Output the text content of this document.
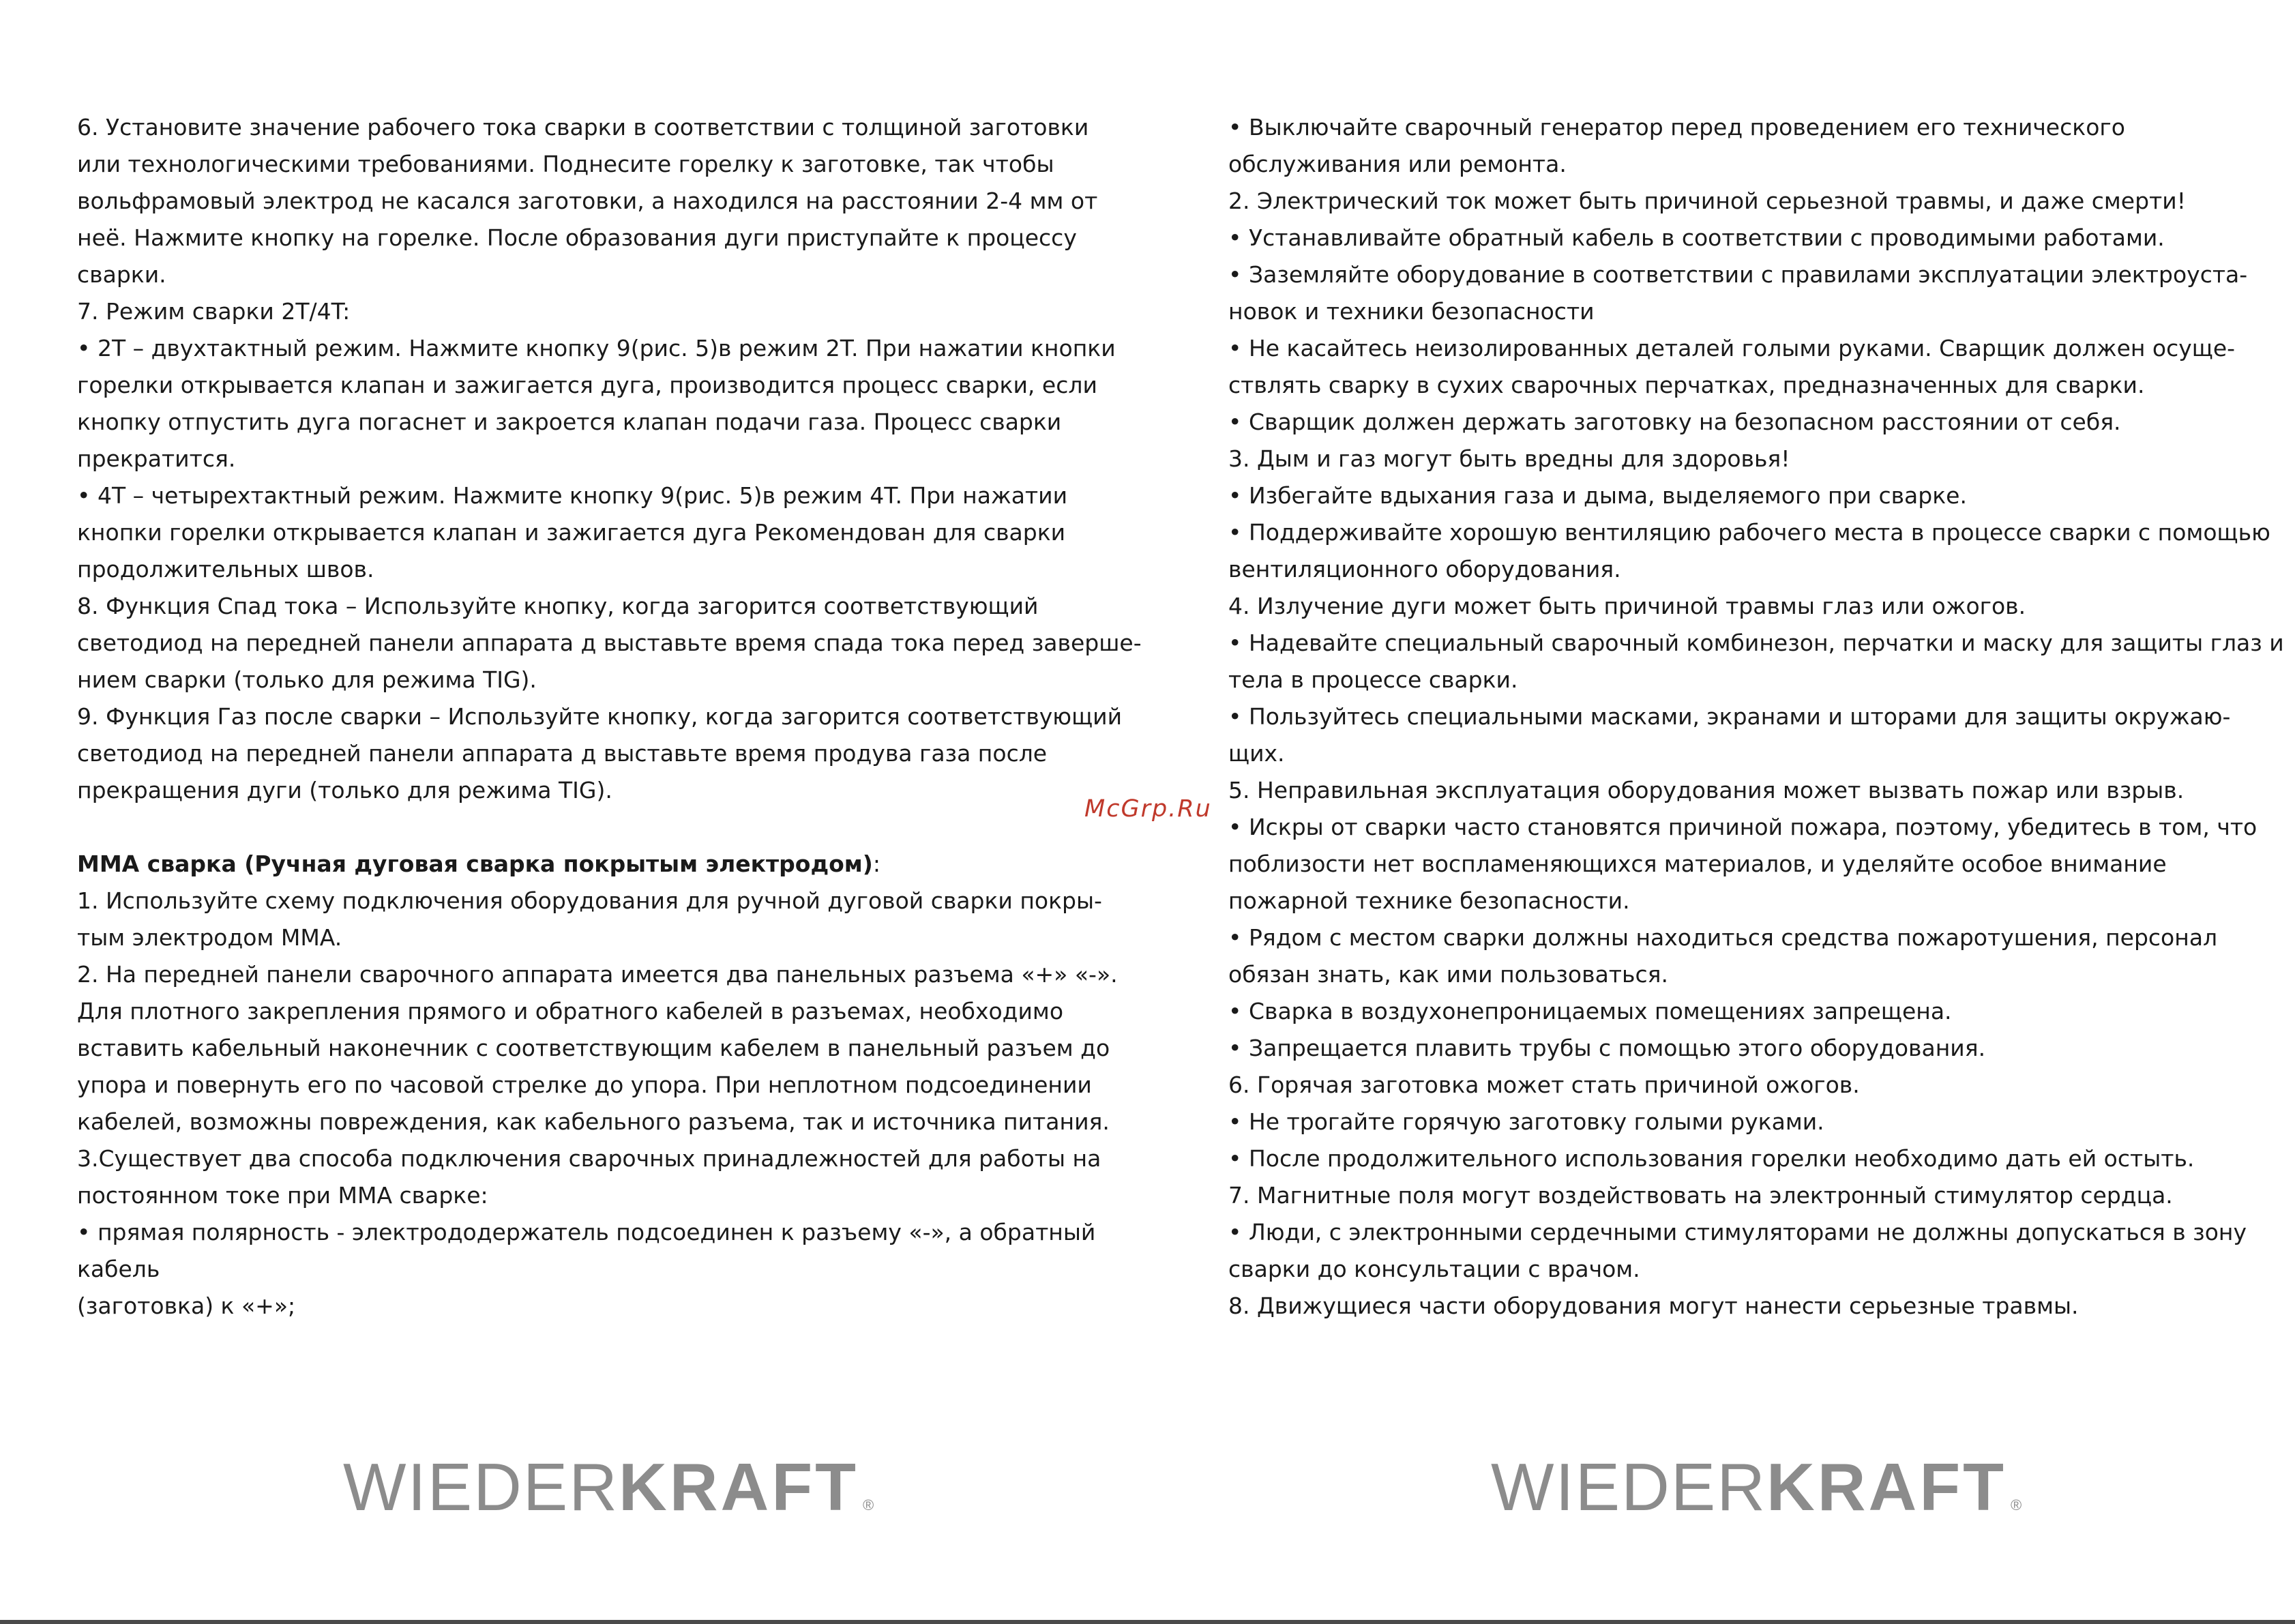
6. Установите значение рабочего тока сварки в соответствии с толщиной заготовки
или технологическими требованиями. Поднесите горелку к заготовке, так чтобы
вольфрамовый электрод не касался заготовки, а находился на расстоянии 2-4 мм от
неё. Нажмите кнопку на горелке. После образования дуги приступайте к процессу
сварки.
7. Режим сварки 2T/4T:
• 2T – двухтактный режим. Нажмите кнопку 9(рис. 5)в режим 2T. При нажатии кнопки
горелки открывается клапан и зажигается дуга, производится процесс сварки, если
кнопку отпустить дуга погаснет и закроется клапан подачи газа. Процесс сварки
прекратится.
• 4T – четырехтактный режим. Нажмите кнопку 9(рис. 5)в режим 4T. При нажатии
кнопки горелки открывается клапан и зажигается дуга Рекомендован для сварки
продолжительных швов.
8. Функция Спад тока – Используйте кнопку, когда загорится соответствующий
светодиод на передней панели аппарата д выставьте время спада тока перед заверше-
нием сварки (только для режима TIG).
9. Функция Газ после сварки – Используйте кнопку, когда загорится соответствующий
светодиод на передней панели аппарата д выставьте время продува газа после
прекращения дуги (только для режима TIG).
MMA сварка (Ручная дуговая сварка покрытым электродом):
1. Используйте схему подключения оборудования для ручной дуговой сварки покры-
тым электродом MMA.
2. На передней панели сварочного аппарата имеется два панельных разъема «+» «-».
Для плотного закрепления прямого и обратного кабелей в разъемах, необходимо
вставить кабельный наконечник с соответствующим кабелем в панельный разъем до
упора и повернуть его по часовой стрелке до упора. При неплотном подсоединении
кабелей, возможны повреждения, как кабельного разъема, так и источника питания.
3.Существует два способа подключения сварочных принадлежностей для работы на
постоянном токе при MMA сварке:
• прямая полярность - электрододержатель подсоединен к разъему «-», а обратный
кабель
(заготовка) к «+»;
• Выключайте сварочный генератор перед проведением его технического
обслуживания или ремонта.
2. Электрический ток может быть причиной серьезной травмы, и даже смерти!
• Устанавливайте обратный кабель в соответствии с проводимыми работами.
• Заземляйте оборудование в соответствии с правилами эксплуатации электроуста-
новок и техники безопасности
• Не касайтесь неизолированных деталей голыми руками. Сварщик должен осуще-
ствлять сварку в сухих сварочных перчатках, предназначенных для сварки.
• Сварщик должен держать заготовку на безопасном расстоянии от себя.
3. Дым и газ могут быть вредны для здоровья!
• Избегайте вдыхания газа и дыма, выделяемого при сварке.
• Поддерживайте хорошую вентиляцию рабочего места в процессе сварки с помощью
вентиляционного оборудования.
4. Излучение дуги может быть причиной травмы глаз или ожогов.
• Надевайте специальный сварочный комбинезон, перчатки и маску для защиты глаз и
тела в процессе сварки.
• Пользуйтесь специальными масками, экранами и шторами для защиты окружаю-
щих.
5. Неправильная эксплуатация оборудования может вызвать пожар или взрыв.
• Искры от сварки часто становятся причиной пожара, поэтому, убедитесь в том, что
поблизости нет воспламеняющихся материалов, и уделяйте особое внимание
пожарной технике безопасности.
• Рядом с местом сварки должны находиться средства пожаротушения, персонал
обязан знать, как ими пользоваться.
• Сварка в воздухонепроницаемых помещениях запрещена.
• Запрещается плавить трубы с помощью этого оборудования.
6. Горячая заготовка может стать причиной ожогов.
• Не трогайте горячую заготовку голыми руками.
• После продолжительного использования горелки необходимо дать ей остыть.
7. Магнитные поля могут воздействовать на электронный стимулятор сердца.
• Люди, с электронными сердечными стимуляторами не должны допускаться в зону
сварки до консультации с врачом.
8. Движущиеся части оборудования могут нанести серьезные травмы.
McGrp.Ru
WIEDERKRAFT ®	WIEDERKRAFT ®
